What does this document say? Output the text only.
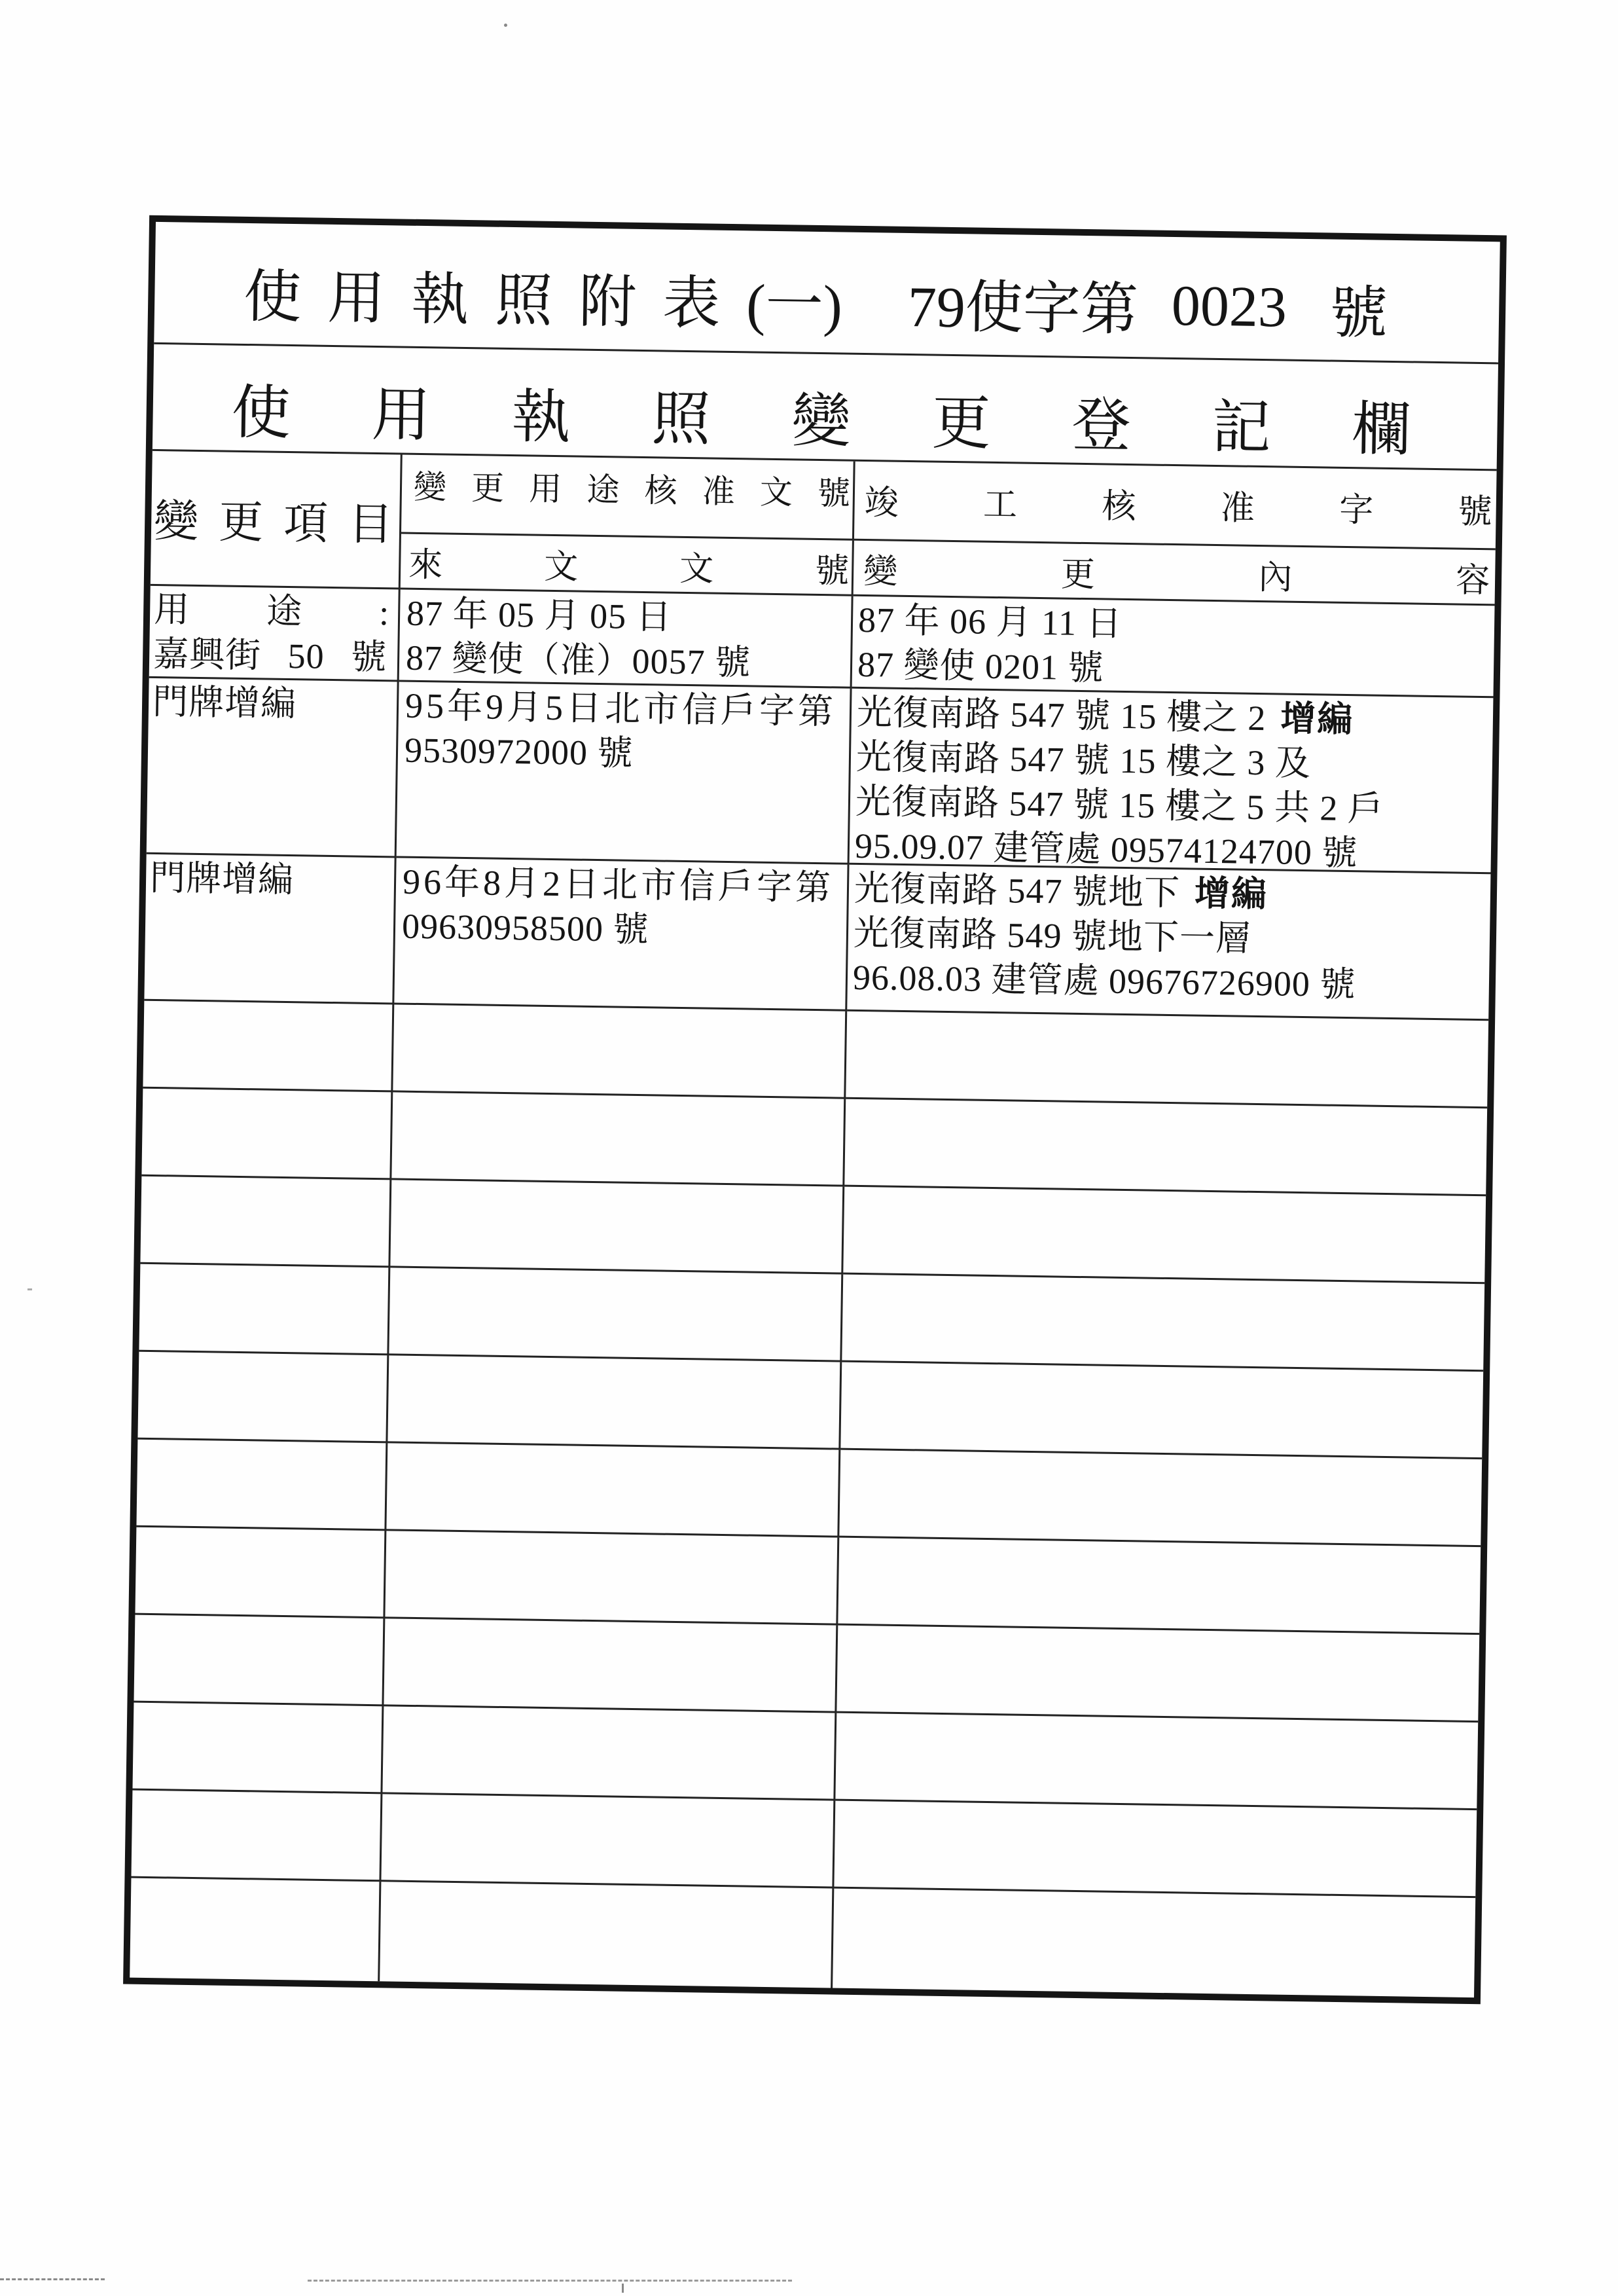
使用執照附表
(一) 79使字第 0023 號
使用執照變更登記欄
變更項目
變更用途核准文號 竣工核准字號
來文文號 變更內容
用 途 :
嘉興街 50 號
87 年 05 月 05 日
87 變使（准）0057 號
87 年 06 月 11 日
87 變使 0201 號
門牌增編	95年9月5日北市信戶字第
9530972000 號
光復南路 547 號 15 樓之 2 增編
光復南路 547 號 15 樓之 3 及
光復南路 547 號 15 樓之 5 共 2 戶
95.09.07 建管處 09574124700 號
門牌增編	96年8月2日北市信戶字第
09630958500 號
光復南路 547 號地下 增編
光復南路 549 號地下一層
96.08.03 建管處 09676726900 號
